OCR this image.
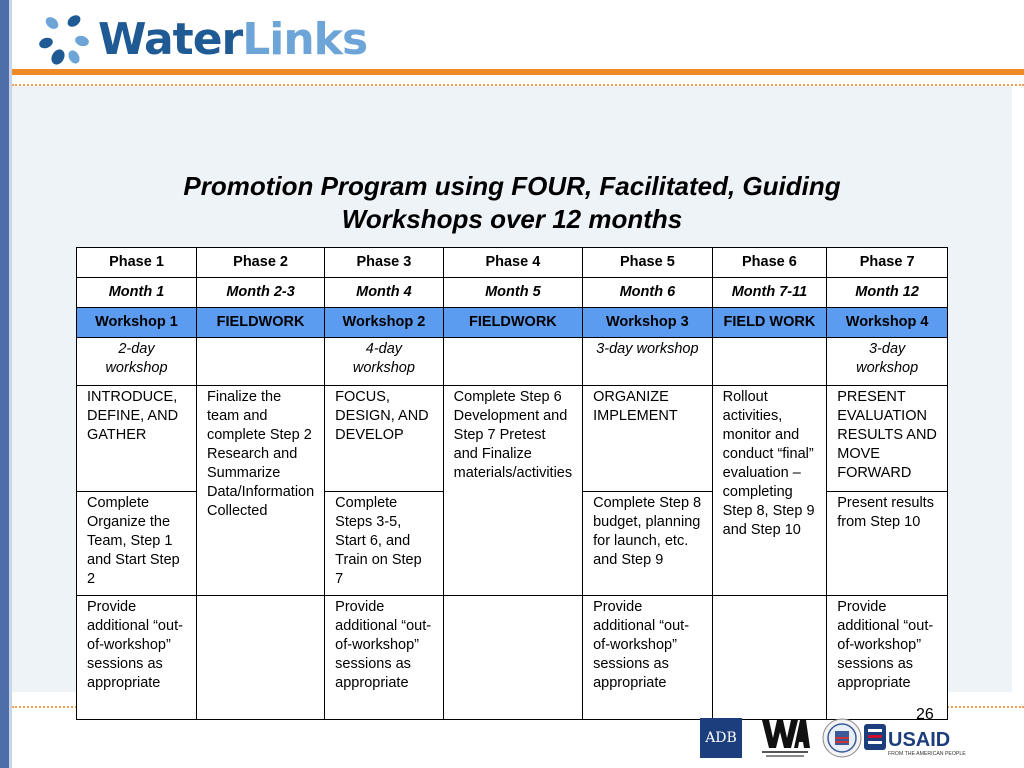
WaterLinks
Promotion Program using FOUR, Facilitated, Guiding
Workshops over 12 months
Phase 1	Phase 2	Phase 3	Phase 4	Phase 5	Phase 6	Phase 7
Month 1	Month 2-3	Month 4	Month 5	Month 6	Month 7-11	Month 12
Workshop 1	FIELDWORK	Workshop 2	FIELDWORK	Workshop 3	FIELD WORK	Workshop 4
2-day workshop		4-day workshop		3-day workshop		3-day workshop
INTRODUCE, DEFINE, AND GATHER	Finalize the team and complete Step 2 Research and Summarize Data/Information Collected	FOCUS, DESIGN, AND DEVELOP	Complete Step 6 Development and Step 7 Pretest and Finalize materials/activities	ORGANIZE IMPLEMENT	Rollout activities, monitor and conduct “final” evaluation – completing Step 8, Step 9 and Step 10	PRESENT EVALUATION RESULTS AND MOVE FORWARD
Complete Organize the Team, Step 1 and Start Step 2		Complete Steps 3-5, Start 6, and Train on Step 7		Complete Step 8 budget, planning for launch, etc. and Step 9		Present results from Step 10
Provide additional “out-of-workshop” sessions as appropriate		Provide additional “out-of-workshop” sessions as appropriate		Provide additional “out-of-workshop” sessions as appropriate		Provide additional “out-of-workshop” sessions as appropriate
26
ADB	USAID
FROM THE AMERICAN PEOPLE
